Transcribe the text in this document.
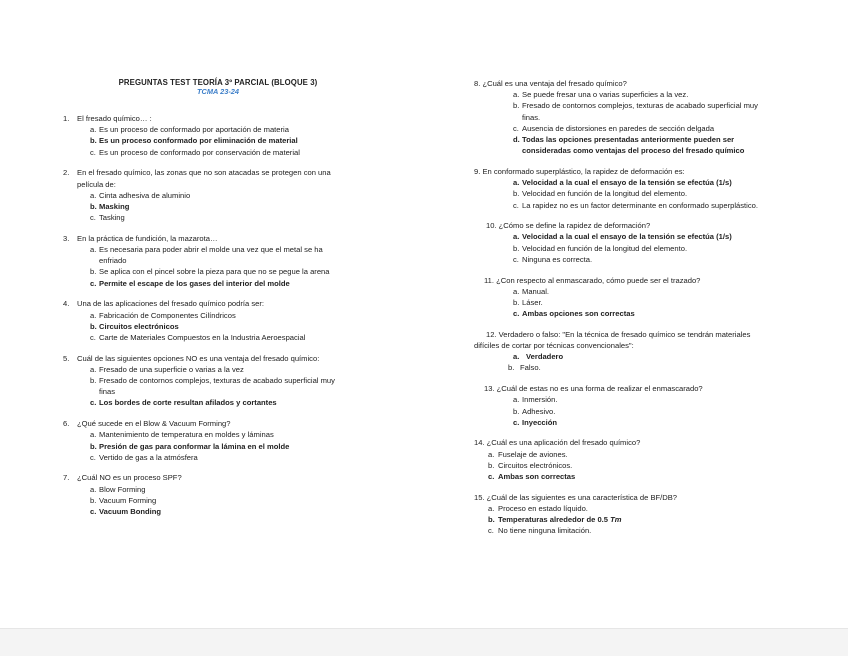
PREGUNTAS TEST TEORÍA 3º PARCIAL (BLOQUE 3)
TCMA 23-24
1. El fresado químico… :
a. Es un proceso de conformado por aportación de materia
b. Es un proceso conformado por eliminación de material
c. Es un proceso de conformado por conservación de material
2. En el fresado químico, las zonas que no son atacadas se protegen con una
película de:
a. Cinta adhesiva de aluminio
b. Masking
c. Tasking
3. En la práctica de fundición, la mazarota…
a. Es necesaria para poder abrir el molde una vez que el metal se ha
enfriado
b. Se aplica con el pincel sobre la pieza para que no se pegue la arena
c. Permite el escape de los gases del interior del molde
4. Una de las aplicaciones del fresado químico podría ser:
a. Fabricación de Componentes Cilíndricos
b. Circuitos electrónicos
c. Carte de Materiales Compuestos en la Industria Aeroespacial
5. Cuál de las siguientes opciones NO es una ventaja del fresado químico:
a. Fresado de una superficie o varias a la vez
b. Fresado de contornos complejos, texturas de acabado superficial muy
finas
c. Los bordes de corte resultan afilados y cortantes
6. ¿Qué sucede en el Blow & Vacuum Forming?
a. Mantenimiento de temperatura en moldes y láminas
b. Presión de gas para conformar la lámina en el molde
c. Vertido de gas a la atmósfera
7. ¿Cuál NO es un proceso SPF?
a. Blow Forming
b. Vacuum Forming
c. Vacuum Bonding
8. ¿Cuál es una ventaja del fresado químico?
a. Se puede fresar una o varias superficies a la vez.
b. Fresado de contornos complejos, texturas de acabado superficial muy
finas.
c. Ausencia de distorsiones en paredes de sección delgada
d. Todas las opciones presentadas anteriormente pueden ser
consideradas como ventajas del proceso del fresado químico
9. En conformado superplástico, la rapidez de deformación es:
a. Velocidad a la cual el ensayo de la tensión se efectúa (1/s)
b. Velocidad en función de la longitud del elemento.
c. La rapidez no es un factor determinante en conformado superplástico.
10. ¿Cómo se define la rapidez de deformación?
a. Velocidad a la cual el ensayo de la tensión se efectúa (1/s)
b. Velocidad en función de la longitud del elemento.
c. Ninguna es correcta.
11. ¿Con respecto al enmascarado, cómo puede ser el trazado?
a. Manual.
b. Láser.
c. Ambas opciones son correctas
12. Verdadero o falso: "En la técnica de fresado químico se tendrán materiales
difíciles de cortar por técnicas convencionales":
a. Verdadero
b. Falso.
13. ¿Cuál de estas no es una forma de realizar el enmascarado?
a. Inmersión.
b. Adhesivo.
c. Inyección
14. ¿Cuál es una aplicación del fresado químico?
a. Fuselaje de aviones.
b. Circuitos electrónicos.
c. Ambas son correctas
15. ¿Cuál de las siguientes es una característica de BF/DB?
a. Proceso en estado líquido.
b. Temperaturas alrededor de 0.5 Tm
c. No tiene ninguna limitación.
